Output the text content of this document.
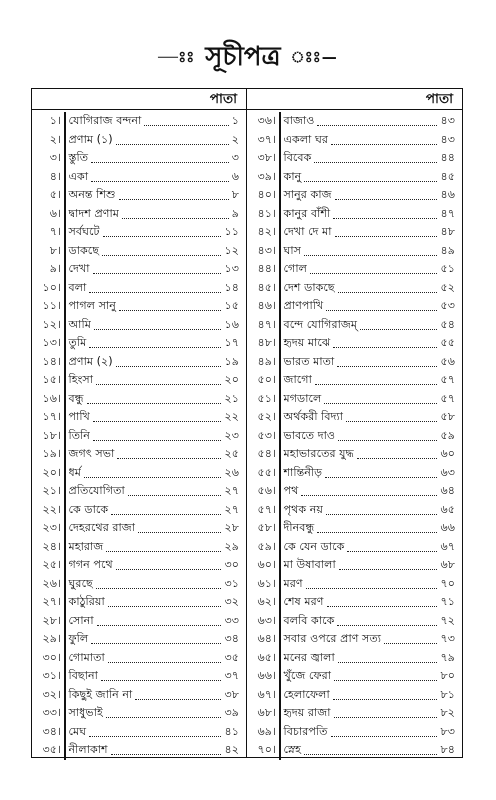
—ঃঃ সূচীপত্র ঃঃ—
পাতা
১। যোগিরাজ বন্দনা	১
২। প্রণাম (১)	২
৩। স্তুতি	৩
৪। একা	৬
৫। অনন্ত শিশু	৮
৬। দ্বাদশ প্রণাম	৯
৭। সর্বঘটে	১১
৮। ডাকছে	১২
৯। দেখা	১৩
১০। বলা	১৪
১১। পাগল সানু	১৫
১২। আমি	১৬
১৩। তুমি	১৭
১৪। প্রণাম (২)	১৯
১৫। হিংসা	২০
১৬। বন্ধু	২১
১৭। পাখি	২২
১৮। তিনি	২৩
১৯। জগৎ সভা	২৫
২০। ধর্ম	২৬
২১। প্রতিযোগিতা	২৭
২২। কে ডাকে	২৭
২৩। দেহরথের রাজা	২৮
২৪। মহারাজ	২৯
২৫। গগন পথে	৩০
২৬। ঘুরছে	৩১
২৭। কাঠুরিয়া	৩২
২৮। সোনা	৩৩
২৯। ফুলি	৩৪
৩০। গোমাতা	৩৫
৩১। বিছানা	৩৭
৩২। কিছুই জানি না	৩৮
৩৩। সাধুভাই	৩৯
৩৪। মেঘ	৪১
৩৫। নীলাকাশ	৪২
পাতা
৩৬। বাজাও	৪৩
৩৭। একলা ঘর	৪৩
৩৮। বিবেক	৪৪
৩৯। কানু	৪৫
৪০। সানুর কাজ	৪৬
৪১। কানুর বাঁশী	৪৭
৪২। দেখা দে মা	৪৮
৪৩। ঘাস	৪৯
৪৪। গোল	৫১
৪৫। দেশ ডাকছে	৫২
৪৬। প্রাণপাখি	৫৩
৪৭। বন্দে যোগিরাজম্	৫৪
৪৮। হৃদয় মাঝে	৫৫
৪৯। ভারত মাতা	৫৬
৫০। জাগো	৫৭
৫১। মগডালে	৫৭
৫২। অর্থকরী বিদ্যা	৫৮
৫৩। ভাবতে দাও	৫৯
৫৪। মহাভারতের যুদ্ধ	৬০
৫৫। শান্তিনীড়	৬৩
৫৬। পথ	৬৪
৫৭। পৃথক নয়	৬৫
৫৮। দীনবন্ধু	৬৬
৫৯। কে যেন ডাকে	৬৭
৬০। মা উষাবালা	৬৮
৬১। মরণ	৭০
৬২। শেষ মরণ	৭১
৬৩। বলবি কাকে	৭২
৬৪। সবার ওপরে প্রাণ সত্য	৭৩
৬৫। মনের জ্বালা	৭৯
৬৬। খুঁজে ফেরা	৮০
৬৭। হেলাফেলা	৮১
৬৮। হৃদয় রাজা	৮২
৬৯। বিচারপতি	৮৩
৭০। স্নেহ	৮৪
